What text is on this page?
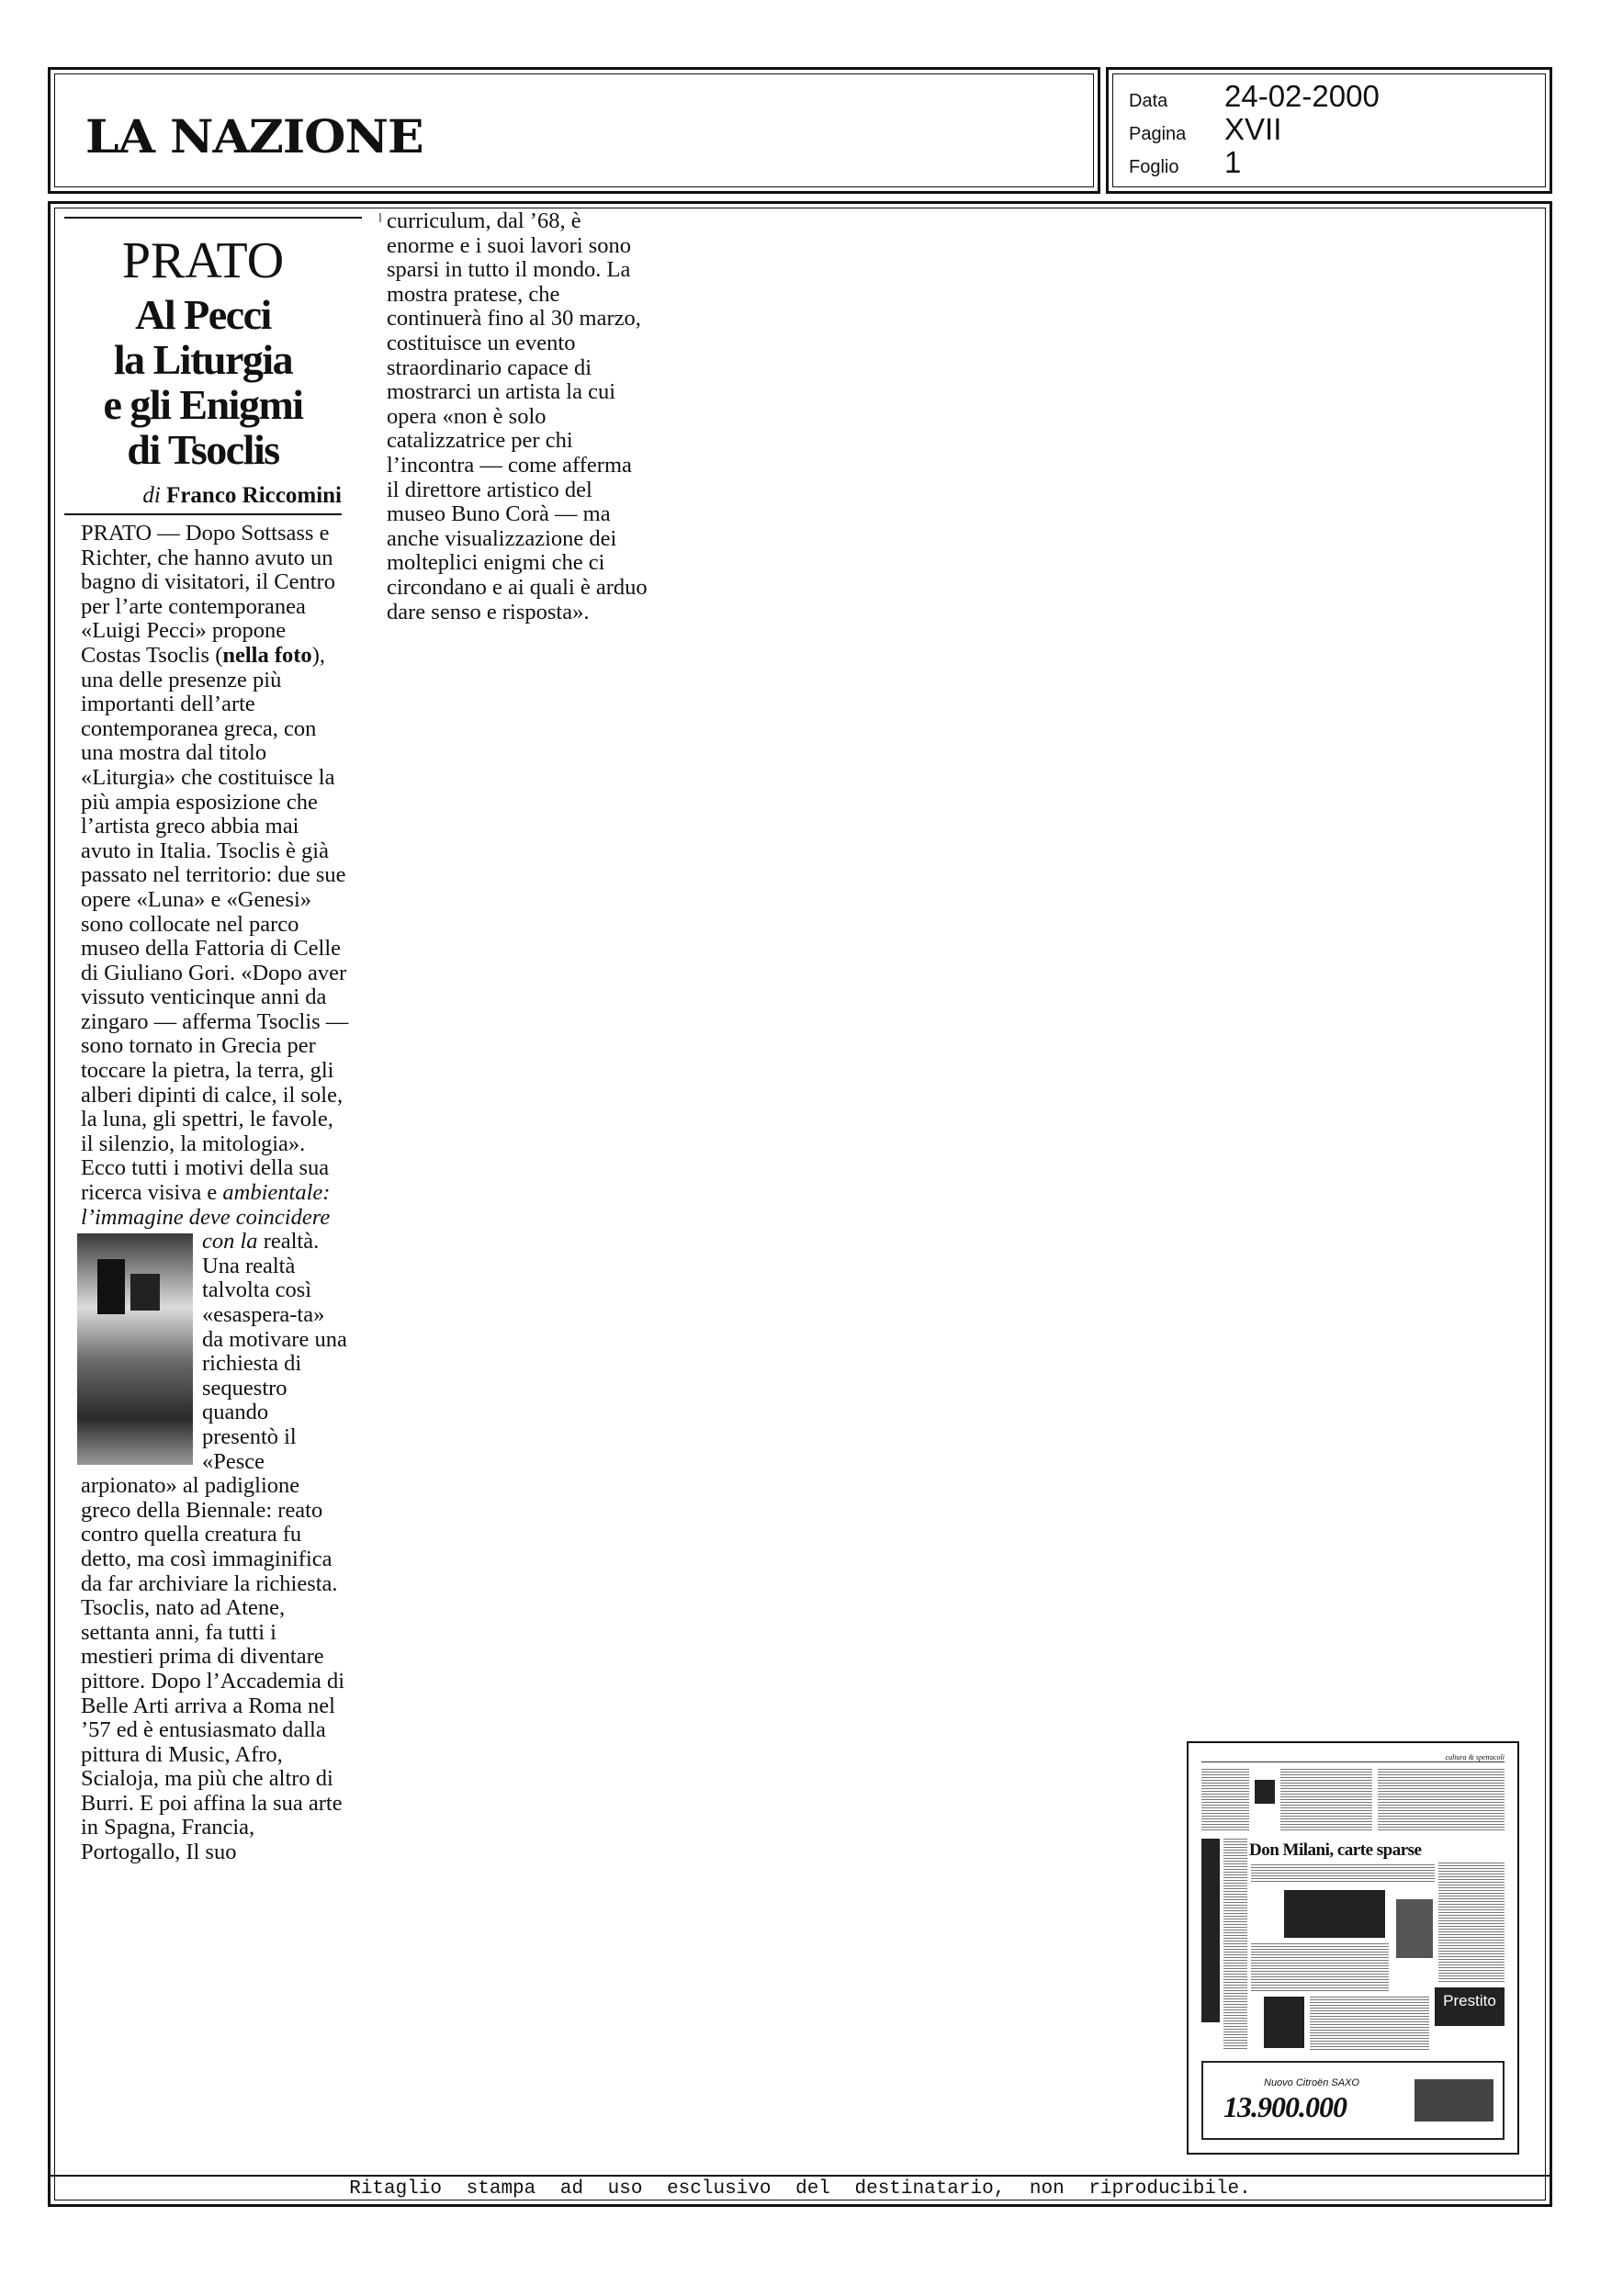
LA NAZIONE
Data	24-02-2000
Pagina	XVII
Foglio	1
PRATO
Al Pecci
la Liturgia
e gli Enigmi
di Tsoclis
di Franco Riccomini

PRATO — Dopo Sottsass e Richter, che hanno avuto un bagno di visitatori, il Centro per l’arte contemporanea «Luigi Pecci» propone Costas Tsoclis (nella foto), una delle presenze più importanti dell’arte contemporanea greca, con una mostra dal titolo «Liturgia» che costituisce la più ampia esposizione che l’artista greco abbia mai avuto in Italia. Tsoclis è già passato nel territorio: due sue opere «Luna» e «Genesi» sono collocate nel parco museo della Fattoria di Celle di Giuliano Gori. «Dopo aver vissuto venticinque anni da zingaro — afferma Tsoclis — sono tornato in Grecia per toccare la pietra, la terra, gli alberi dipinti di calce, il sole, la luna, gli spettri, le favole, il silenzio, la mitologia». Ecco tutti i motivi della sua ricerca visiva e ambientale: l’immagine deve coincidere con la
realtà. Una realtà talvolta così «esaspera-ta» da motivare una richiesta di sequestro quando presentò il «Pesce arpionato» al padiglione greco della Biennale: reato contro quella creatura fu detto, ma così immaginifica da far archiviare la richiesta. Tsoclis, nato ad Atene, settanta anni, fa tutti i mestieri prima di diventare pittore. Dopo l’Accademia di Belle Arti arriva a Roma nel ’57 ed è entusiasmato dalla pittura di Music, Afro, Scialoja, ma più che altro di Burri. E poi affina la sua arte in Spagna, Francia, Portogallo, Il suo

curriculum, dal ’68, è enorme e i suoi lavori sono sparsi in tutto il mondo. La mostra pratese, che continuerà fino al 30 marzo, costituisce un evento straordinario capace di mostrarci un artista la cui opera «non è solo catalizzatrice per chi l’incontra — come afferma il direttore artistico del museo Buno Corà — ma anche visualizzazione dei molteplici enigmi che ci circondano e ai quali è arduo dare senso e risposta».

cultura & spettacoli
Don Milani, carte sparse
Prestito
Nuovo Citroën SAXO
13.900.000
Ritaglio stampa ad uso esclusivo del destinatario, non riproducibile.
